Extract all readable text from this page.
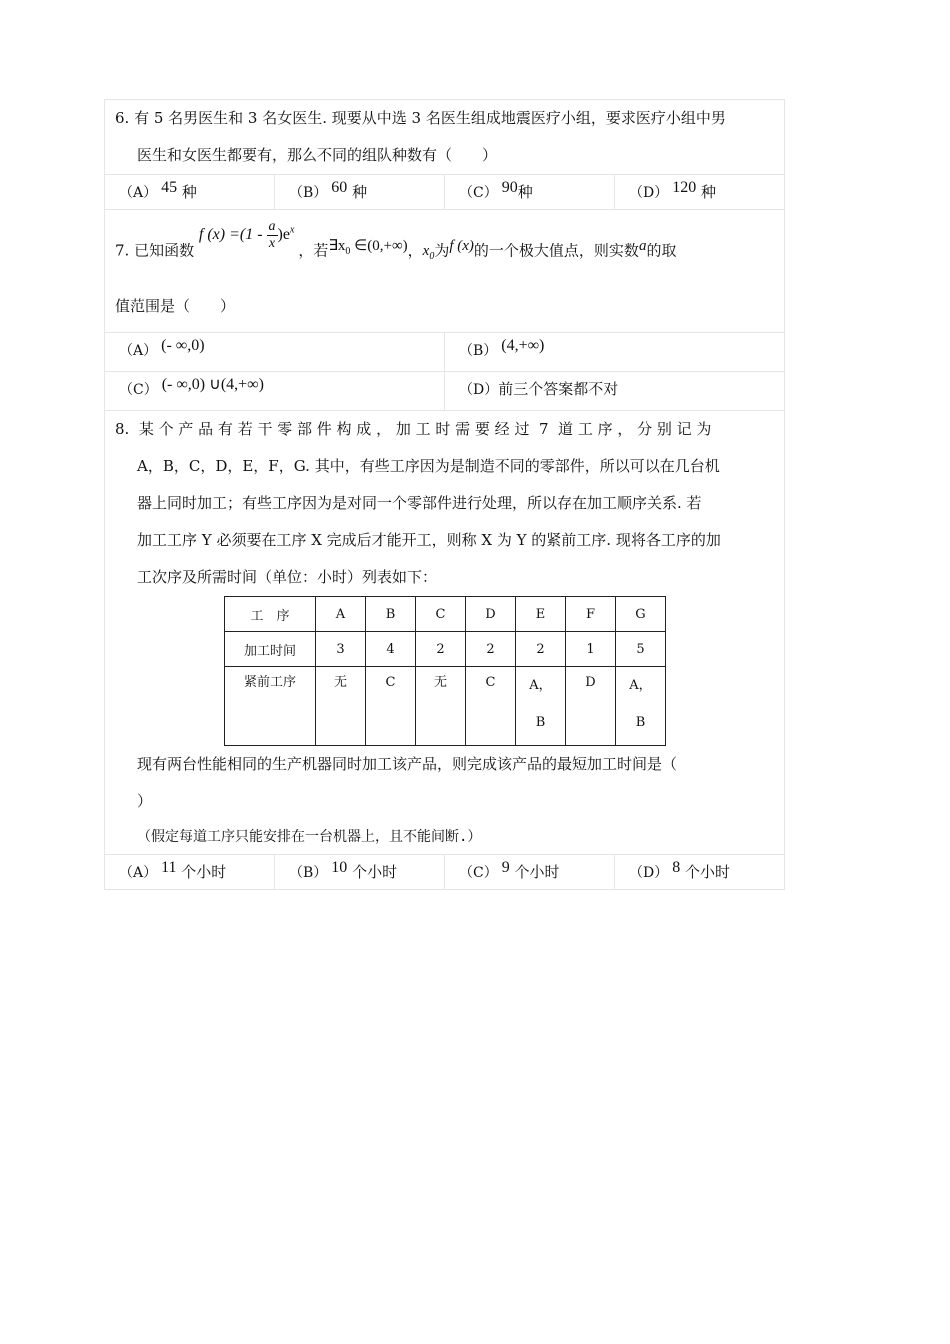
6. 有 5 名男医生和 3 名女医生. 现要从中选 3 名医生组成地震医疗小组，要求医疗小组中男
医生和女医生都要有，那么不同的组队种数有（　　）
（A） 45 种	（B） 60 种	（C） 90种	（D） 120 种
7. 已知函数 f $(x) =(1 - \frac{a}{x} )e^x$ ，若$\exists x_0$ ∈(0,+∞)，$x_0$为f (x)的一个极大值点，则实数a的取
值范围是（　　）
（A） (- ∞,0)	（B） (4,+∞)
（C） (- ∞,0) ∪(4,+∞)	（D）前三个答案都不对
8.  某 个 产 品 有 若 干 零 部 件 构 成 ， 加 工 时 需 要 经 过  7  道 工 序 ， 分 别 记 为
A，B，C，D，E，F，G. 其中，有些工序因为是制造不同的零部件，所以可以在几台机
器上同时加工；有些工序因为是对同一个零部件进行处理，所以存在加工顺序关系. 若
加工工序 Y 必须要在工序 X 完成后才能开工，则称 X 为 Y 的紧前工序. 现将各工序的加
工次序及所需时间（单位：小时）列表如下：
工　序	A	B	C	D	E	F	G
加工时间	3	4	2	2	2	1	5
紧前工序	无	C	无	C	A，
B	D	A，
B
现有两台性能相同的生产机器同时加工该产品，则完成该产品的最短加工时间是（
）
（假定每道工序只能安排在一台机器上，且不能间断.）
（A） 11 个小时	（B） 10 个小时	（C） 9 个小时	（D） 8 个小时
